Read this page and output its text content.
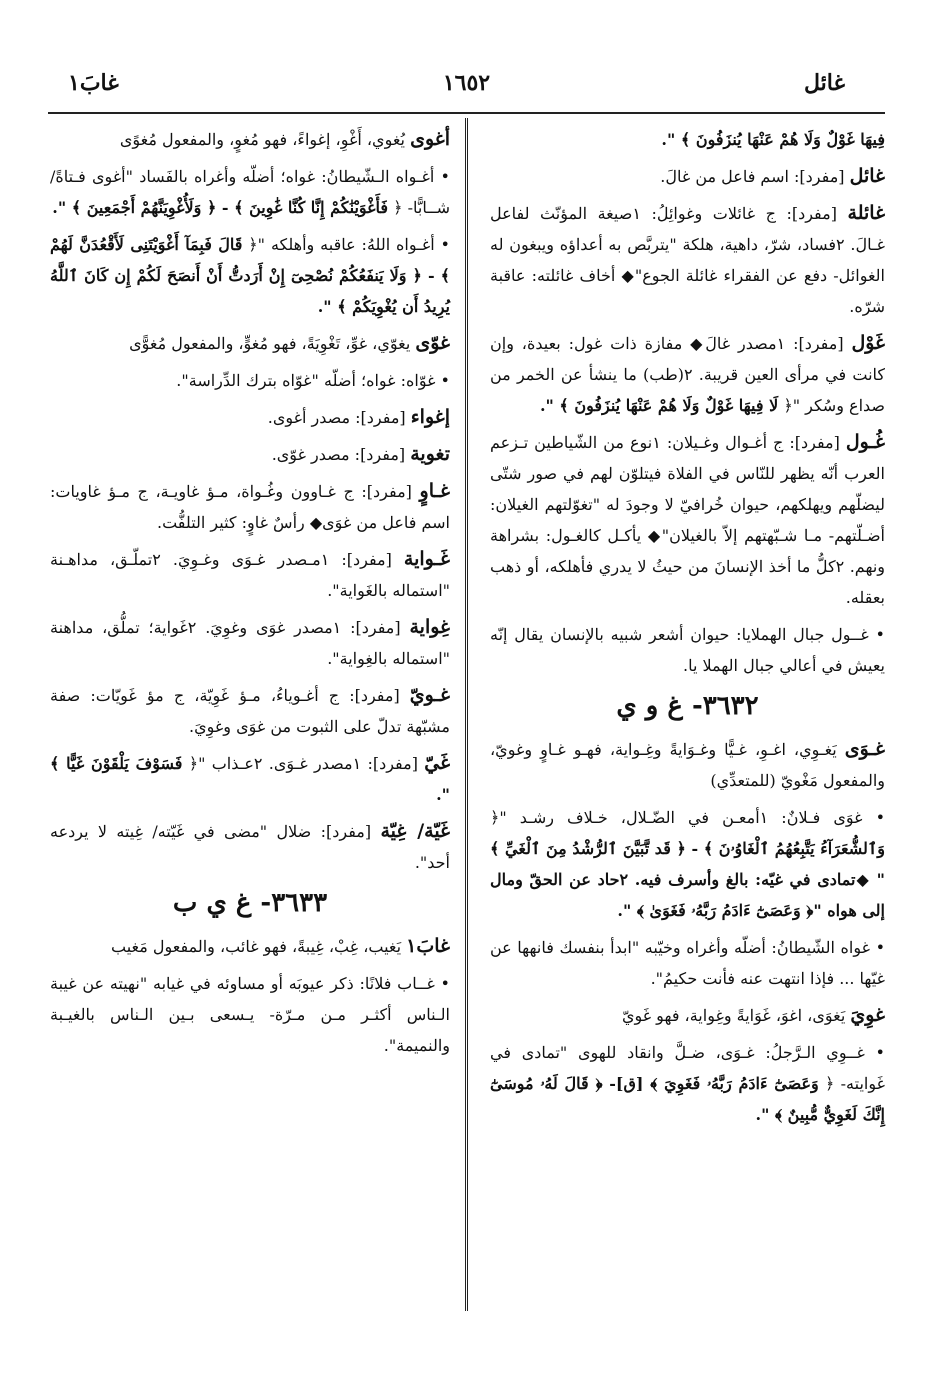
غائل
١٦٥٢
غابَ١
فِيهَا غَوْلٌ وَلَا هُمْ عَنْهَا يُنزَفُونَ ﴾ ".
غائل [مفرد]: اسم فاعل من غالَ.
غائلة [مفرد]: ج غائلات وغوائِلُ: ١صيغة المؤنّث لفاعل غـالَ. ٢فساد، شرّ، داهية، هلكة "يتربَّص به أعداؤه ويبغون له الغوائل- دفع عن الفقراء غائلة الجوع"◆ أخاف غائلته: عاقبة شرّه.
غَوْل [مفرد]: ١مصدر غالَ◆ مفازة ذات غول: بعيدة، وإن كانت في مرأى العين قريبة. ٢(طب) ما ينشأ عن الخمر من صداع وسُكر "﴿ لَا فِيهَا غَوْلٌ وَلَا هُمْ عَنْهَا يُنزَفُونَ ﴾ ".
غُـول [مفرد]: ج أغـوال وغـيلان: ١نوع من الشّياطين تـزعم العرب أنّه يظهر للنّاس في الفلاة فيتلوّن لهم في صور شتّى ليضلّهم ويهلكهم، حيوان خُرافيّ لا وجودَ له "تغوّلتهم الغيلان: أضـلّتهم- مـا شـبّهتهم إلاّ بالغيلان"◆ يأكـل كالغـول: بشراهة ونهم. ٢كلُّ ما أخذ الإنسانَ من حيثُ لا يدري فأهلكه، أو ذهب بعقله.
• غــول جبال الهملايا: حيوان أشعر شبيه بالإنسان يقال إنّه يعيش في أعالي جبال الهملا يا.
٣٦٣٢- غ و ي
غـوَى يَغـوِي، اغـوِ، غـيًّا وغـوَايةً وغِـواية، فهـو غـاوٍ وغويّ، والمفعول مَغْويّ (للمتعدِّي)
• غوَى فـلانٌ: ١أمعـن في الضّـلال، خـلاف رشـد "﴿ وَٱلشُّعَرَآءُ يَتَّبِعُهُمُ ٱلْغَاوُۥنَ ﴾ - ﴿ قَد تَّبَيَّنَ ٱلرُّشْدُ مِنَ ٱلْغَيِّ ﴾ " ◆تمادى في غيّه: بالغ وأسرف فيه. ٢حاد عن الحقّ ومال إلى هواه "﴿ وَعَصَىٰٓ ءَادَمُ رَبَّهُۥ فَغَوَىٰ ﴾ ".
• غواه الشّيطانُ: أضلّه وأغراه وخيّبه "ابدأ بنفسك فانهها عن غيّها ... فإذا انتهت عنه فأنت حكيمُ".
غوِيَ يَغوَى، اغوَ، غَوَايةً وغِواية، فهو غَويّ
• غــوِي الـرَّجلُ: غـوَى، ضـلَّ وانقاد للهوى "تمادى في غَوايته- ﴿ وَعَصَىٰٓ ءَادَمُ رَبَّهُۥ فَغَوِيَ ﴾ [ق]- ﴿ قَالَ لَهُۥ مُوسَىٰٓ إِنَّكَ لَغَوِيٌّ مُّبِينٌ ﴾ ".
أغوى يُغوي، أَغْوِ، إغواءً، فهو مُغوٍ، والمفعول مُغوًى
• أغـواه الـشّيطانُ: غواه؛ أضلّه وأغراه بالفَساد "أغوى فـتاةً/ شــابًّا- ﴿ فَأَغْوَيْنَٰكُمْ إِنَّا كُنَّا غَٰوِينَ ﴾ - ﴿ وَلَأُغْوِيَنَّهُمْ أَجْمَعِينَ ﴾ ".
• أغـواه اللهُ: عاقبه وأهلكه "﴿ قَالَ فَبِمَآ أَغْوَيْتَنِى لَأَقْعُدَنَّ لَهُمْ ﴾ - ﴿ وَلَا يَنفَعُكُمْ نُصْحِىٓ إِنْ أَرَدتُّ أَنْ أَنصَحَ لَكُمْ إِن كَانَ ٱللَّهُ يُرِيدُ أَن يُغْوِيَكُمْ ﴾ ".
غوّى يغوّي، غوِّ، تَغْوِيَةً، فهو مُغوٍّ، والمفعول مُغوًّى
• غوّاه: غواه؛ أضلّه "غوّاه بترك الدِّراسة".
إغواء [مفرد]: مصدر أغوى.
تغوية [مفرد]: مصدر غوّى.
غـاوٍ [مفرد]: ج غـاوون وغُـواة، مـؤ غاويـة، ج مـؤ غاويات: اسم فاعل من غوَى◆ رأسٌ غاوٍ: كثير التلفُّت.
غَـواية [مفرد]: ١مـصدر غـوَى وغـوِيَ. ٢تملّـق، مداهـنة "استماله بالغَواية".
غِواية [مفرد]: ١مصدر غوَى وغوِيَ. ٢غَواية؛ تملُّق، مداهنة "استماله بالغِواية".
غـويّ [مفرد]: ج أغـوياءُ، مـؤ غَوِيّة، ج مؤ غَويّات: صفة مشبّهة تدلّ على الثبوت من غوَى وغوِيَ.
غَيّ [مفرد]: ١مصدر غـوَى. ٢عـذاب "﴿ فَسَوْفَ يَلْقَوْنَ غَيًّا ﴾ ".
غَيّة/ غِيّة [مفرد]: ضلال "مضى في غَيّته/ غِيته لا يردعه أحد".
٣٦٣٣- غ ي ب
غابَ١ يَغيب، غِبْ، غِيبةً، فهو غائب، والمفعول مَغيب
• غــاب فلانًا: ذكر عيوبَه أو مساوئه في غيابه "نهيته عن غيبة الـناس أكثـر مـن مـرّة- يـسعى بـين الـناس بالغيـبة والنميمة".
